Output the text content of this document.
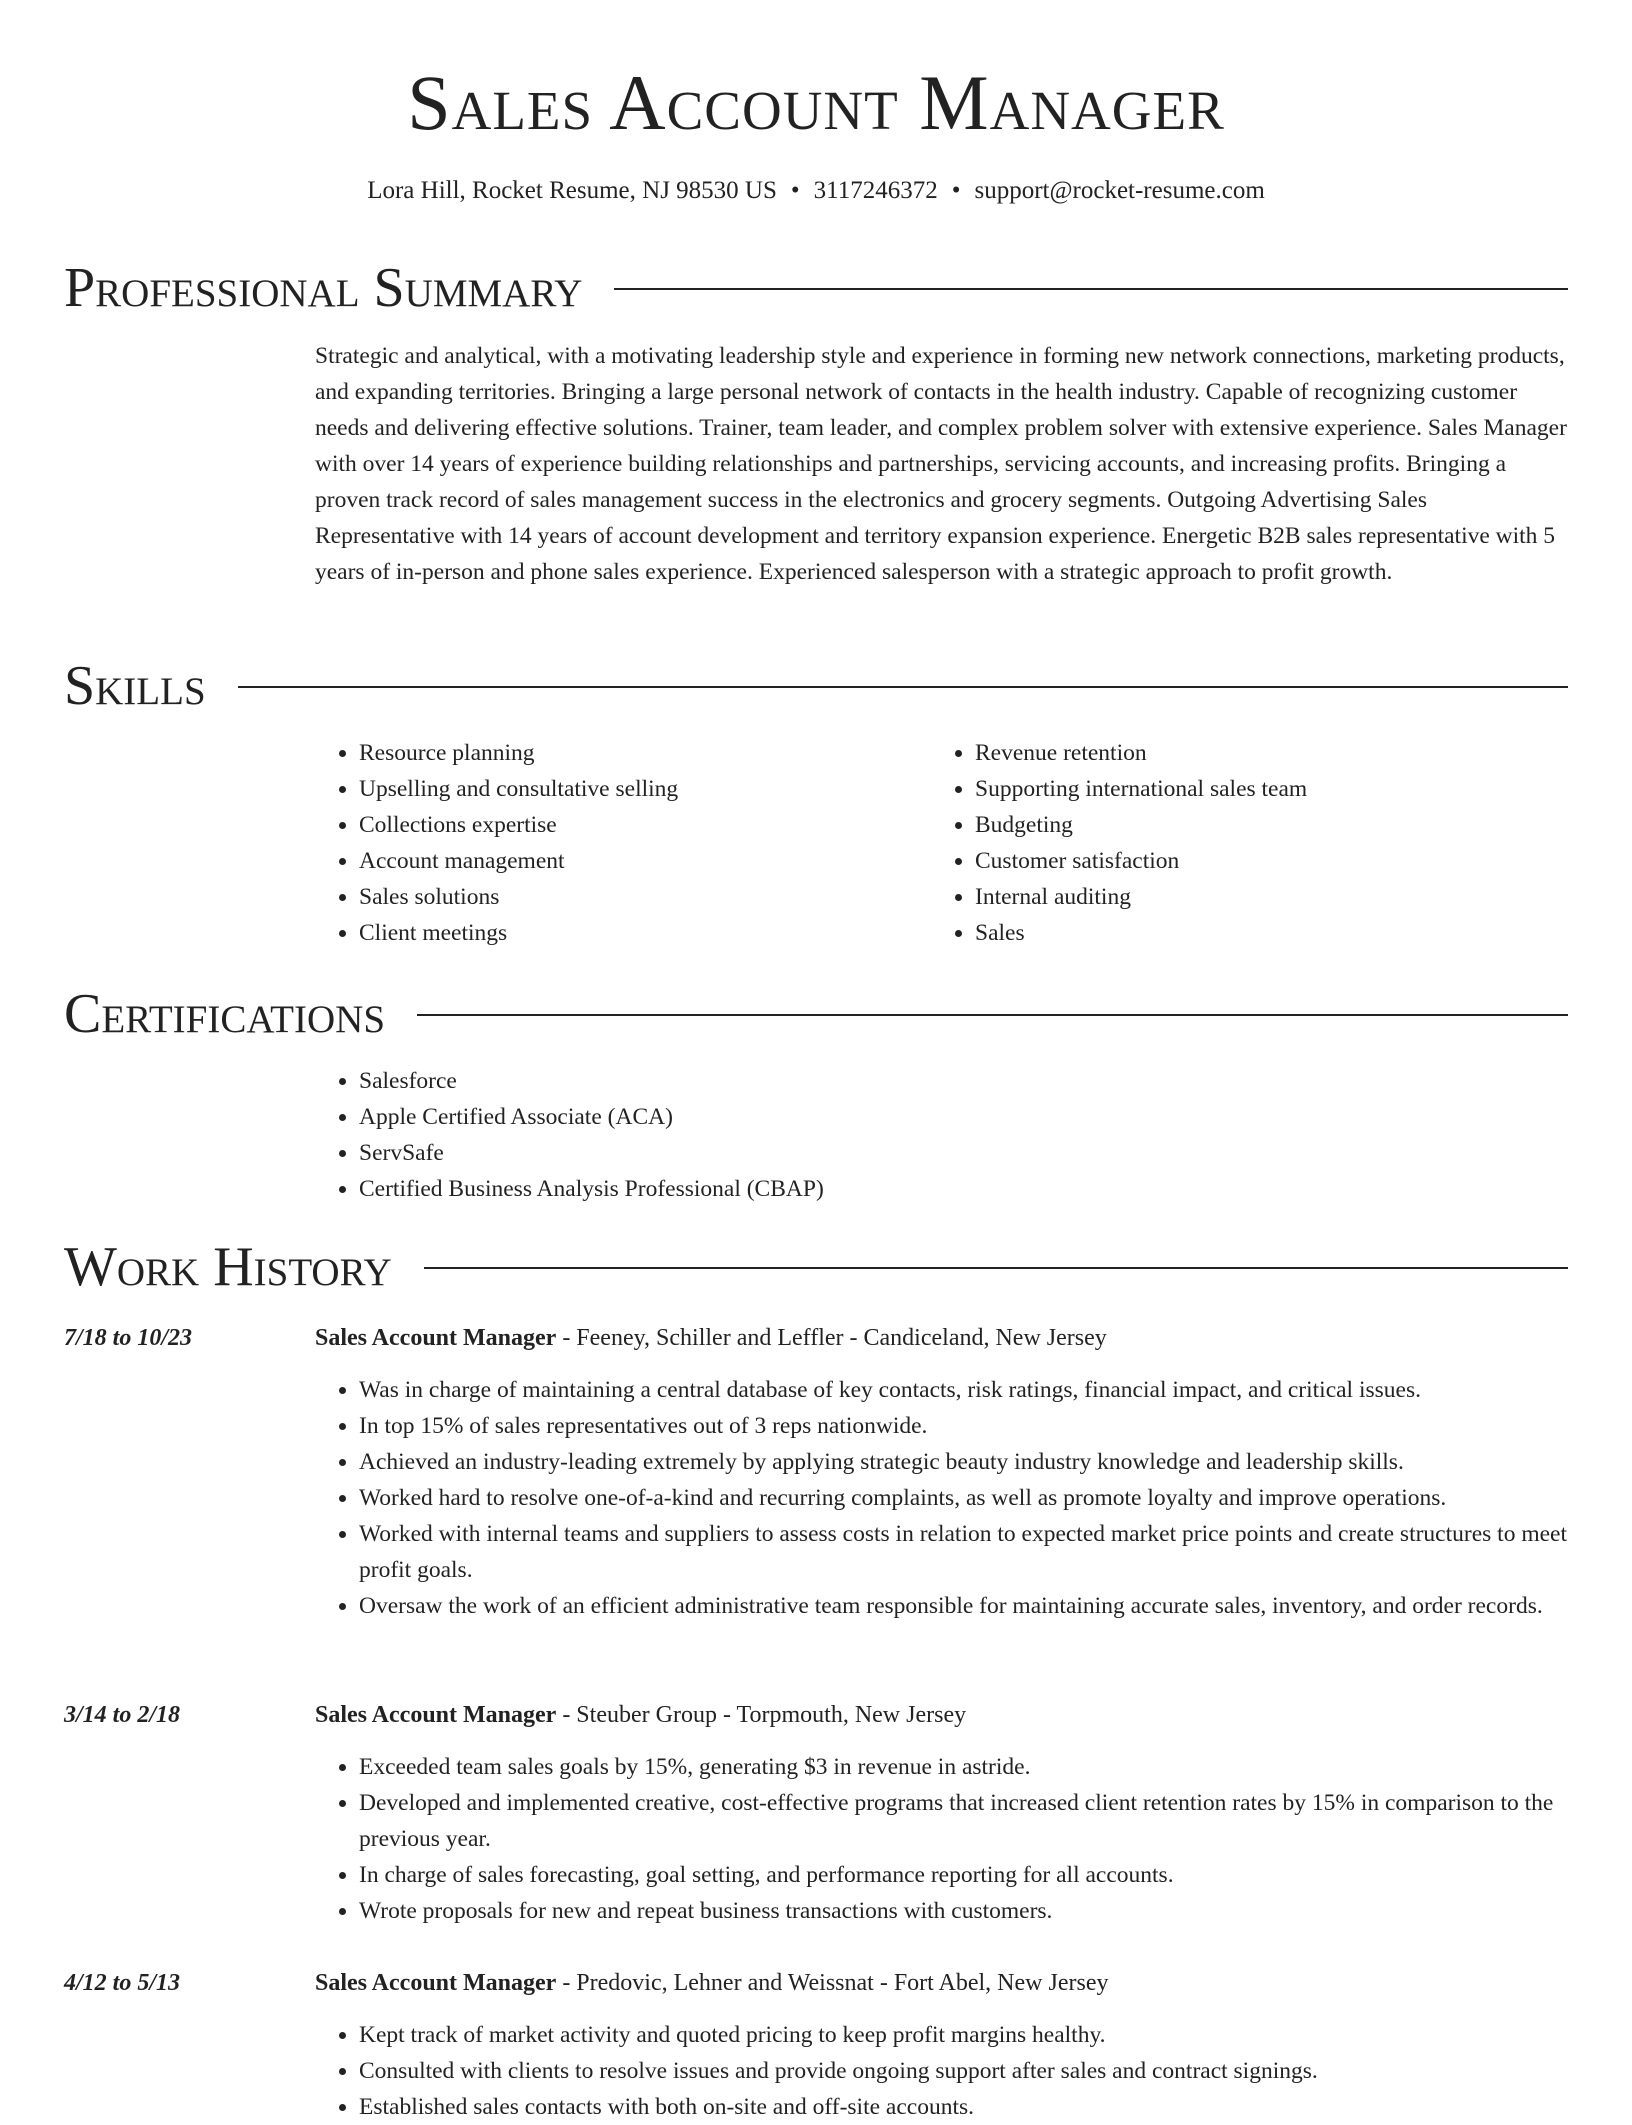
Sales Account Manager
Lora Hill, Rocket Resume, NJ 98530 US • 3117246372 • support@rocket-resume.com
Professional Summary
Strategic and analytical, with a motivating leadership style and experience in forming new network connections, marketing products, and expanding territories. Bringing a large personal network of contacts in the health industry. Capable of recognizing customer needs and delivering effective solutions. Trainer, team leader, and complex problem solver with extensive experience. Sales Manager with over 14 years of experience building relationships and partnerships, servicing accounts, and increasing profits. Bringing a proven track record of sales management success in the electronics and grocery segments. Outgoing Advertising Sales Representative with 14 years of account development and territory expansion experience. Energetic B2B sales representative with 5 years of in-person and phone sales experience. Experienced salesperson with a strategic approach to profit growth.
Skills
• Resource planning
• Upselling and consultative selling
• Collections expertise
• Account management
• Sales solutions
• Client meetings
• Revenue retention
• Supporting international sales team
• Budgeting
• Customer satisfaction
• Internal auditing
• Sales
Certifications
• Salesforce
• Apple Certified Associate (ACA)
• ServSafe
• Certified Business Analysis Professional (CBAP)
Work History
7/18 to 10/23	Sales Account Manager - Feeney, Schiller and Leffler - Candiceland, New Jersey
• Was in charge of maintaining a central database of key contacts, risk ratings, financial impact, and critical issues.
• In top 15% of sales representatives out of 3 reps nationwide.
• Achieved an industry-leading extremely by applying strategic beauty industry knowledge and leadership skills.
• Worked hard to resolve one-of-a-kind and recurring complaints, as well as promote loyalty and improve operations.
• Worked with internal teams and suppliers to assess costs in relation to expected market price points and create structures to meet profit goals.
• Oversaw the work of an efficient administrative team responsible for maintaining accurate sales, inventory, and order records.
3/14 to 2/18	Sales Account Manager - Steuber Group - Torpmouth, New Jersey
• Exceeded team sales goals by 15%, generating $3 in revenue in astride.
• Developed and implemented creative, cost-effective programs that increased client retention rates by 15% in comparison to the previous year.
• In charge of sales forecasting, goal setting, and performance reporting for all accounts.
• Wrote proposals for new and repeat business transactions with customers.
4/12 to 5/13	Sales Account Manager - Predovic, Lehner and Weissnat - Fort Abel, New Jersey
• Kept track of market activity and quoted pricing to keep profit margins healthy.
• Consulted with clients to resolve issues and provide ongoing support after sales and contract signings.
• Established sales contacts with both on-site and off-site accounts.
